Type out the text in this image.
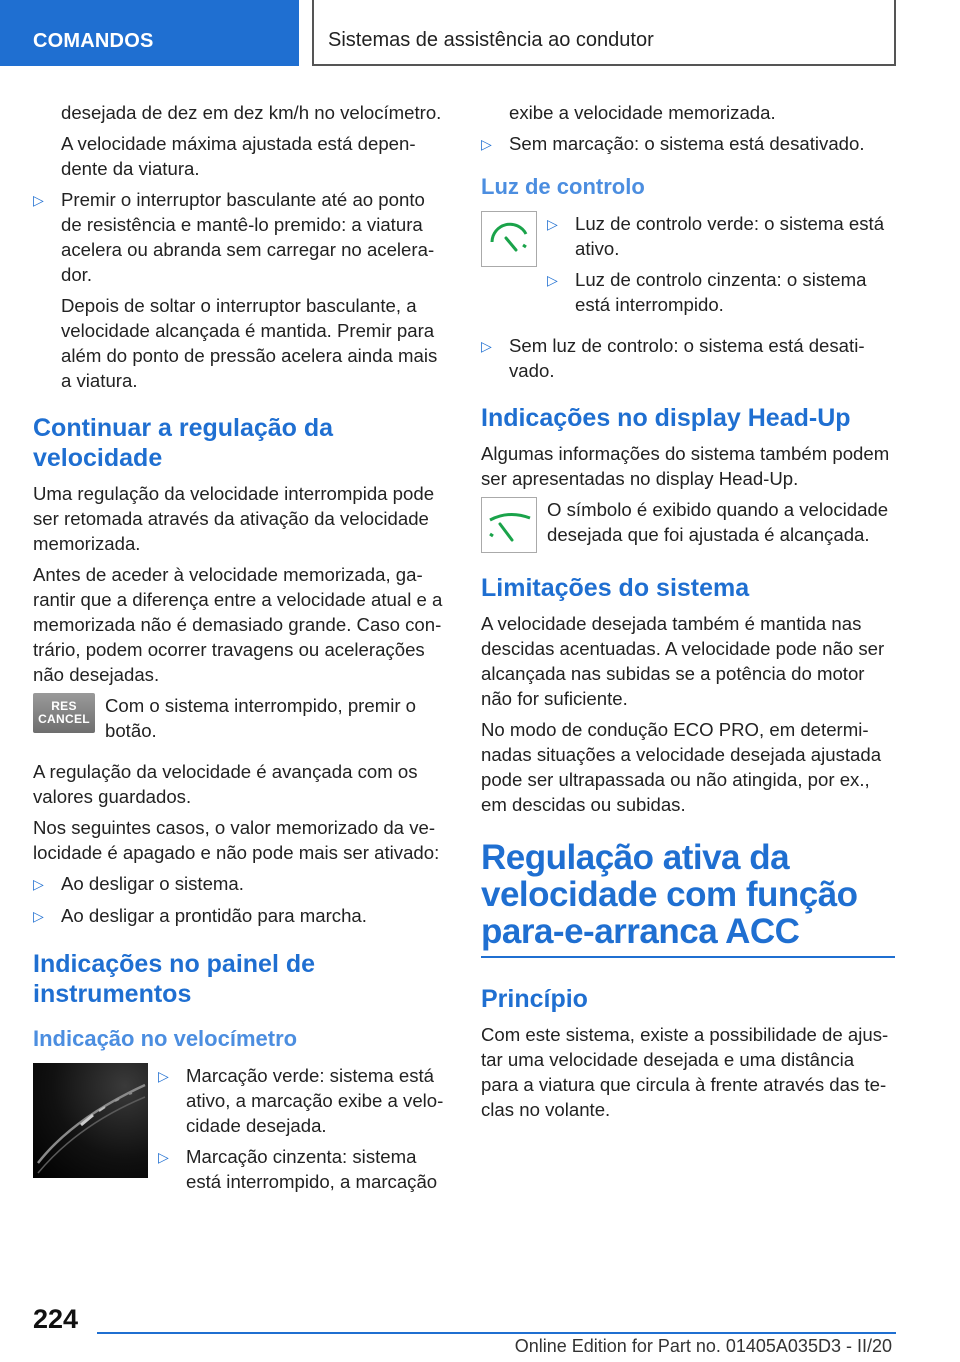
COMANDOS	Sistemas de assistência ao condutor

desejada de dez em dez km/h no velocímetro.

A velocidade máxima ajustada está dependente da viatura.

▷ Premir o interruptor basculante até ao ponto de resistência e mantê-lo premido: a viatura acelera ou abranda sem carregar no acelerador.

Depois de soltar o interruptor basculante, a velocidade alcançada é mantida. Premir para além do ponto de pressão acelera ainda mais a viatura.

Continuar a regulação da velocidade

Uma regulação da velocidade interrompida pode ser retomada através da ativação da velocidade memorizada.

Antes de aceder à velocidade memorizada, garantir que a diferença entre a velocidade atual e a memorizada não é demasiado grande. Caso contrário, podem ocorrer travagens ou acelerações não desejadas.

RES
CANCEL

Com o sistema interrompido, premir o botão.

A regulação da velocidade é avançada com os valores guardados.

Nos seguintes casos, o valor memorizado da velocidade é apagado e não pode mais ser ativado:

▷ Ao desligar o sistema.
▷ Ao desligar a prontidão para marcha.
Indicações no painel de instrumentos
Indicação no velocímetro
▷ Marcação verde: sistema está ativo, a marcação exibe a velocidade desejada.
▷ Marcação cinzenta: sistema está interrompido, a marcação

exibe a velocidade memorizada.

▷ Sem marcação: o sistema está desativado.
Luz de controlo
▷ Luz de controlo verde: o sistema está ativo.
▷ Luz de controlo cinzenta: o sistema está interrompido.
▷ Sem luz de controlo: o sistema está desativado.
Indicações no display Head-Up

Algumas informações do sistema também podem ser apresentadas no display Head-Up.

O símbolo é exibido quando a velocidade desejada que foi ajustada é alcançada.

Limitações do sistema

A velocidade desejada também é mantida nas descidas acentuadas. A velocidade pode não ser alcançada nas subidas se a potência do motor não for suficiente.

No modo de condução ECO PRO, em determinadas situações a velocidade desejada ajustada pode ser ultrapassada ou não atingida, por ex., em descidas ou subidas.

Regulação ativa da velocidade com função para-e-arranca ACC
Princípio

Com este sistema, existe a possibilidade de ajustar uma velocidade desejada e uma distância para a viatura que circula à frente através das teclas no volante.

224
Online Edition for Part no. 01405A035D3 - II/20
